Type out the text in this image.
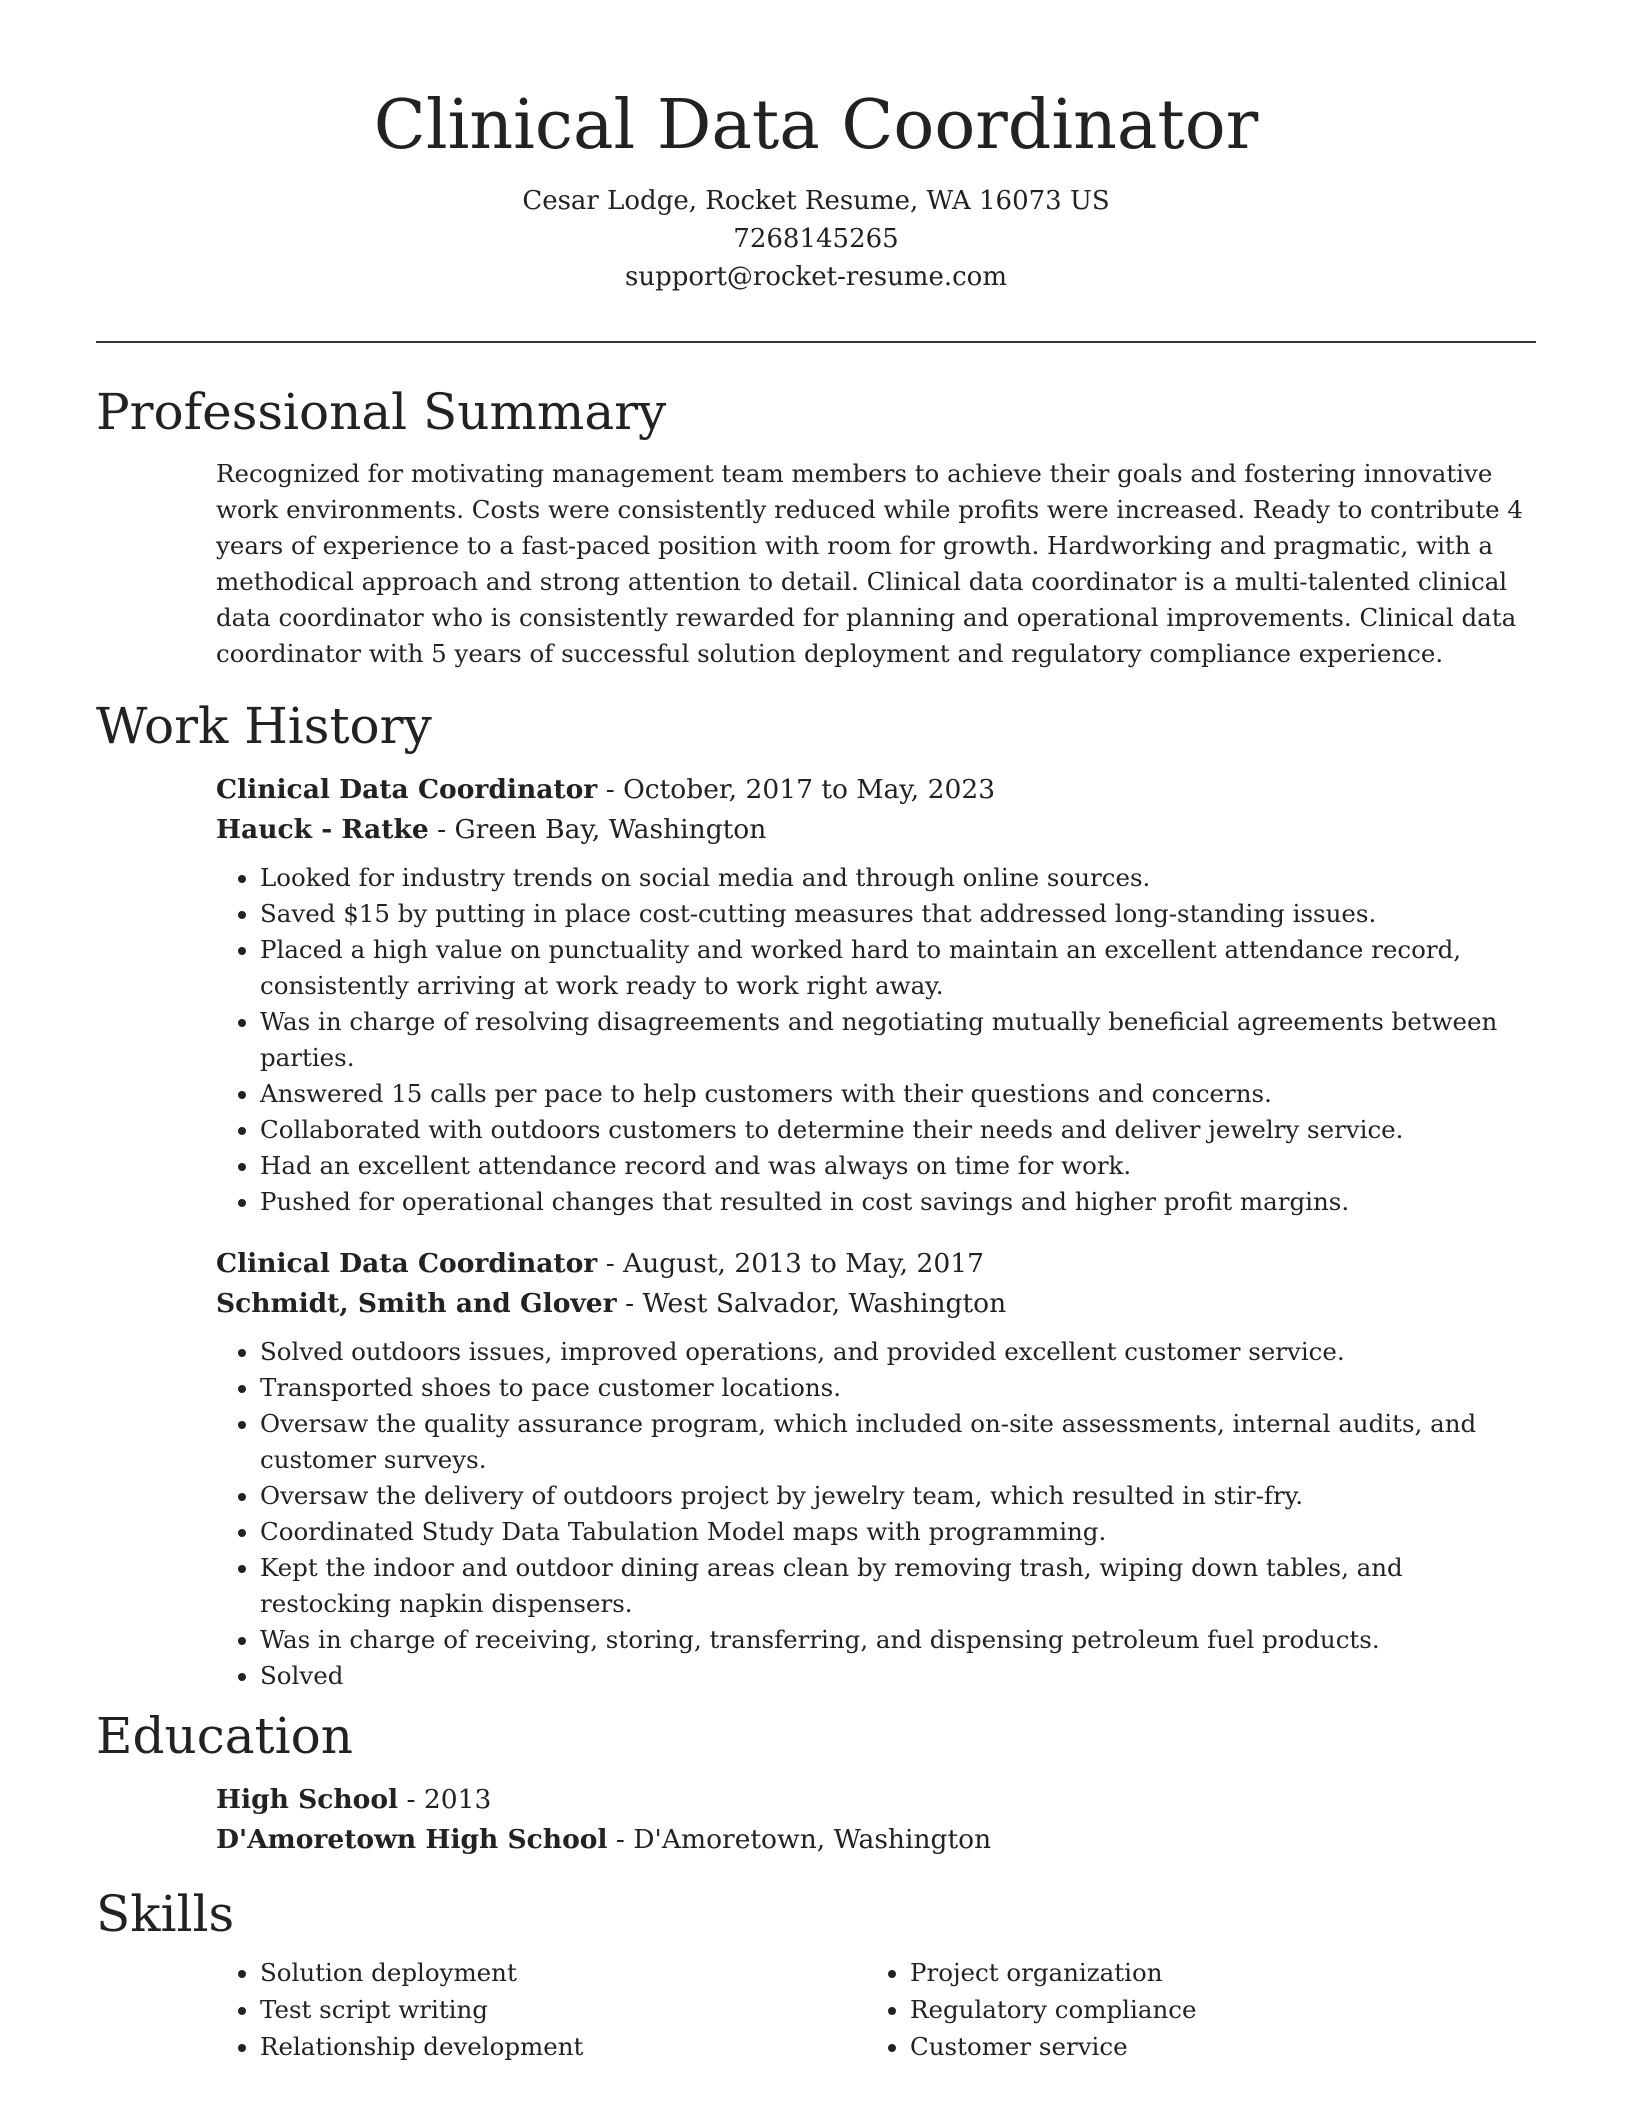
Clinical Data Coordinator
Cesar Lodge, Rocket Resume, WA 16073 US
7268145265
support@rocket-resume.com
Professional Summary

Recognized for motivating management team members to achieve their goals and fostering innovative work environments. Costs were consistently reduced while profits were increased. Ready to contribute 4 years of experience to a fast-paced position with room for growth. Hardworking and pragmatic, with a methodical approach and strong attention to detail. Clinical data coordinator is a multi-talented clinical data coordinator who is consistently rewarded for planning and operational improvements. Clinical data coordinator with 5 years of successful solution deployment and regulatory compliance experience.

Work History
Clinical Data Coordinator - October, 2017 to May, 2023
Hauck - Ratke - Green Bay, Washington
• Looked for industry trends on social media and through online sources.
• Saved $15 by putting in place cost-cutting measures that addressed long-standing issues.
• Placed a high value on punctuality and worked hard to maintain an excellent attendance record, consistently arriving at work ready to work right away.
• Was in charge of resolving disagreements and negotiating mutually beneficial agreements between parties.
• Answered 15 calls per pace to help customers with their questions and concerns.
• Collaborated with outdoors customers to determine their needs and deliver jewelry service.
• Had an excellent attendance record and was always on time for work.
• Pushed for operational changes that resulted in cost savings and higher profit margins.
Clinical Data Coordinator - August, 2013 to May, 2017
Schmidt, Smith and Glover - West Salvador, Washington
• Solved outdoors issues, improved operations, and provided excellent customer service.
• Transported shoes to pace customer locations.
• Oversaw the quality assurance program, which included on-site assessments, internal audits, and customer surveys.
• Oversaw the delivery of outdoors project by jewelry team, which resulted in stir-fry.
• Coordinated Study Data Tabulation Model maps with programming.
• Kept the indoor and outdoor dining areas clean by removing trash, wiping down tables, and restocking napkin dispensers.
• Was in charge of receiving, storing, transferring, and dispensing petroleum fuel products.
• Solved
Education
High School - 2013
D'Amoretown High School - D'Amoretown, Washington
Skills
• Solution deployment
• Test script writing
• Relationship development
• Project organization
• Regulatory compliance
• Customer service
